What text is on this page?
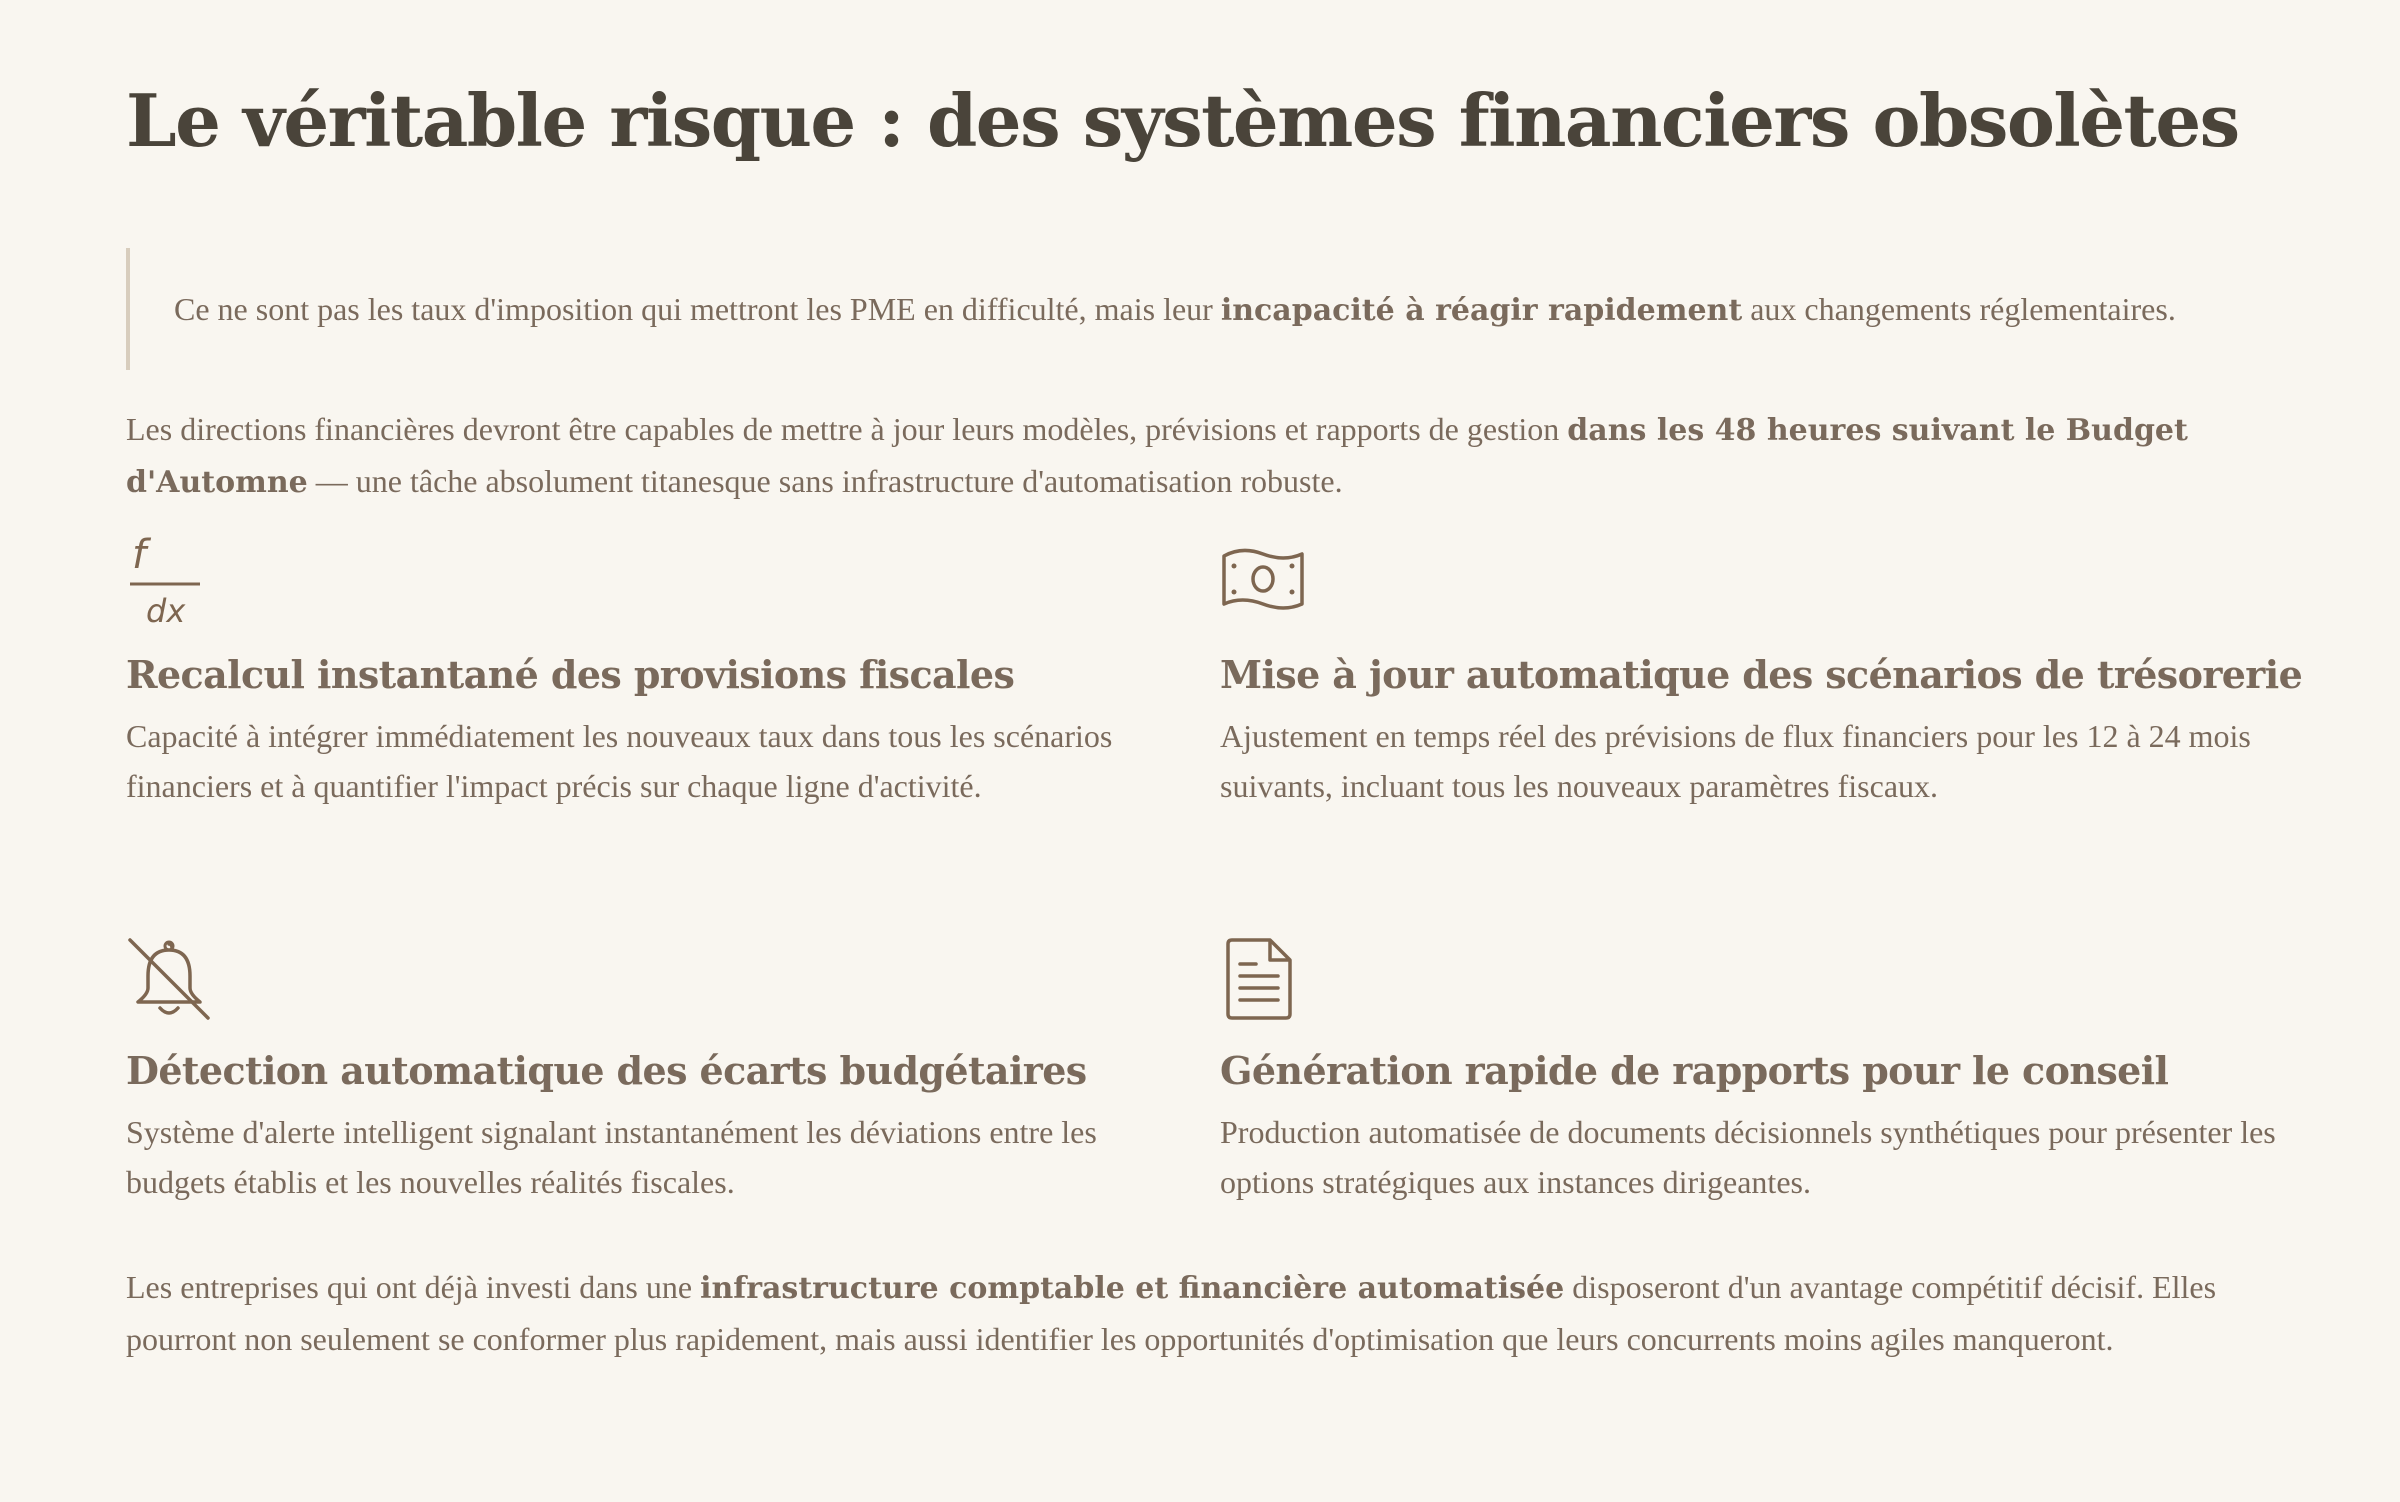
Le véritable risque : des systèmes financiers obsolètes
Ce ne sont pas les taux d'imposition qui mettront les PME en difficulté, mais leur incapacité à réagir rapidement aux changements réglementaires.

Les directions financières devront être capables de mettre à jour leurs modèles, prévisions et rapports de gestion dans les 48 heures suivant le Budget d'Automne — une tâche absolument titanesque sans infrastructure d'automatisation robuste.

f
dx
Recalcul instantané des provisions fiscales

Capacité à intégrer immédiatement les nouveaux taux dans tous les scénarios financiers et à quantifier l'impact précis sur chaque ligne d'activité.

Mise à jour automatique des scénarios de trésorerie

Ajustement en temps réel des prévisions de flux financiers pour les 12 à 24 mois suivants, incluant tous les nouveaux paramètres fiscaux.

Détection automatique des écarts budgétaires

Système d'alerte intelligent signalant instantanément les déviations entre les budgets établis et les nouvelles réalités fiscales.

Génération rapide de rapports pour le conseil

Production automatisée de documents décisionnels synthétiques pour présenter les options stratégiques aux instances dirigeantes.

Les entreprises qui ont déjà investi dans une infrastructure comptable et financière automatisée disposeront d'un avantage compétitif décisif. Elles pourront non seulement se conformer plus rapidement, mais aussi identifier les opportunités d'optimisation que leurs concurrents moins agiles manqueront.
